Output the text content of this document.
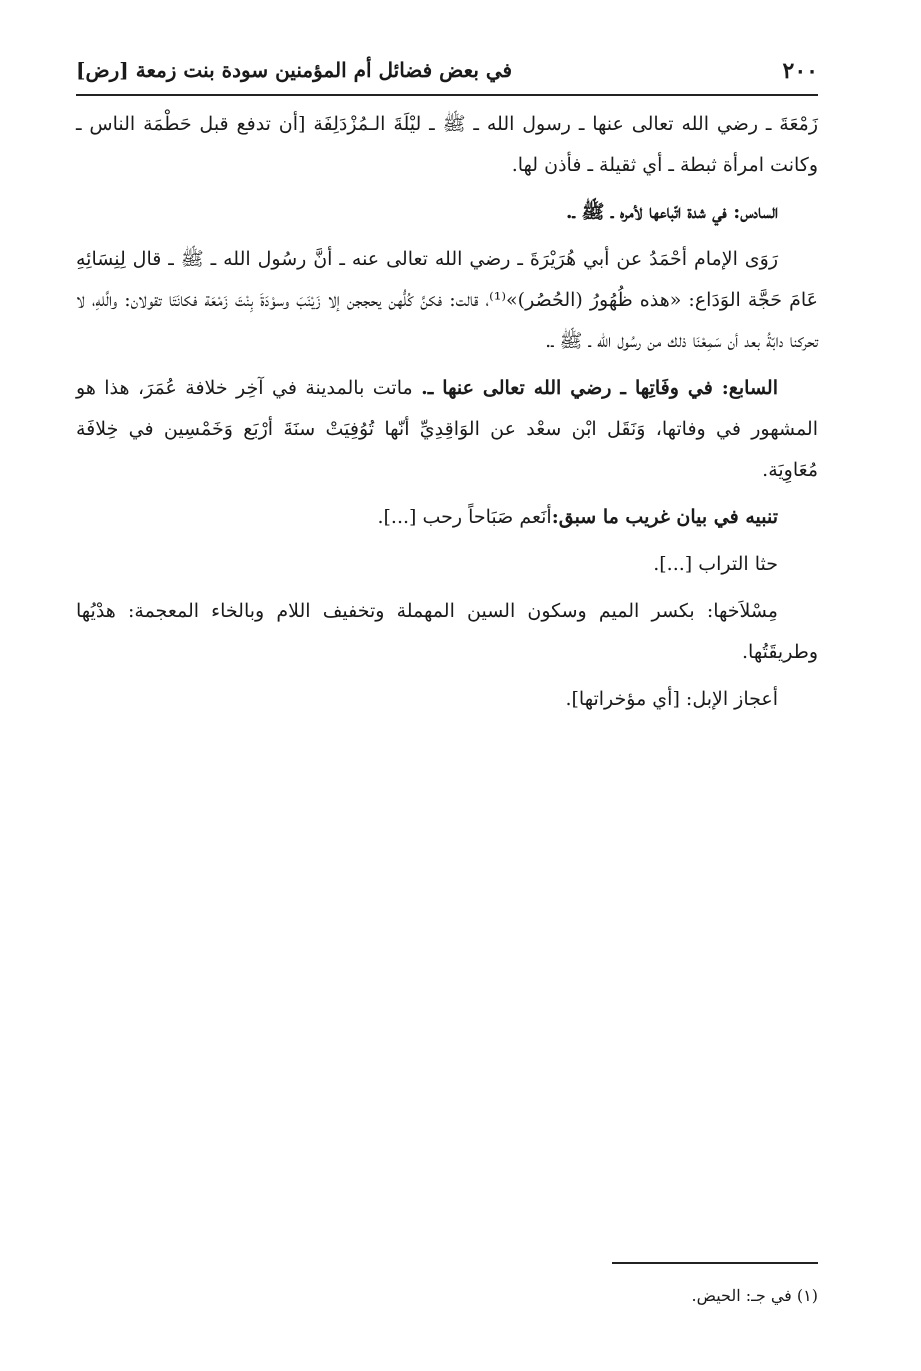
٢٠٠
في بعض فضائل أم المؤمنين سودة بنت زمعة [رض]

زَمْعَةَ ـ رضي الله تعالى عنها ـ رسول الله ـ ﷺ ـ ليْلَةَ الـمُزْدَلِفَة [أن تدفع قبل حَطْمَة الناس ـ وكانت امرأة ثبطة ـ أي ثقيلة ـ فأذن لها.

السادس: في شدة اتّباعها لأمره ـ ﷺ ـ.

رَوَى الإمام أحْمَدُ عن أبي هُرَيْرَةَ ـ رضي الله تعالى عنه ـ أنَّ رسُول الله ـ ﷺ ـ قال لِنِسَائِهِ عَامَ حَجَّة الوَدَاع: «هذه ظُهُورُ (الحُصُر)»⁽¹⁾، قالت: فكنَّ كُلُّهن يحججن إلا زَيْنَبَ وسوْدَةَ بِنْتَ زَمْعَة فكانَتَا تقولان: والَّلهِ، لا تحركنا دابّةُ بعد أن سَمِعْنَا ذلك من رسُول الله ـ ﷺ ـ.

السابع: في وفَاتِها ـ رضي الله تعالى عنها ـ. ماتت بالمدينة في آخِر خلافة عُمَرَ، هذا هو المشهور في وفاتها، وَنَقَل ابْن سعْد عن الوَاقِدِيِّ أنّها تُوُفِيَتْ سنَةَ أرْبَع وَخَمْسِين في خِلافَة مُعَاوِيَة.

تنبيه في بيان غريب ما سبق:أنَعم صَبَاحاً رحب [...].

حثا التراب [...].

مِسْلاَخها: بكسر الميم وسكون السين المهملة وتخفيف اللام وبالخاء المعجمة: هدْيُها وطريقَتُها.

أعجاز الإبل: [أي مؤخراتها].

(١) في جـ: الحيض.
